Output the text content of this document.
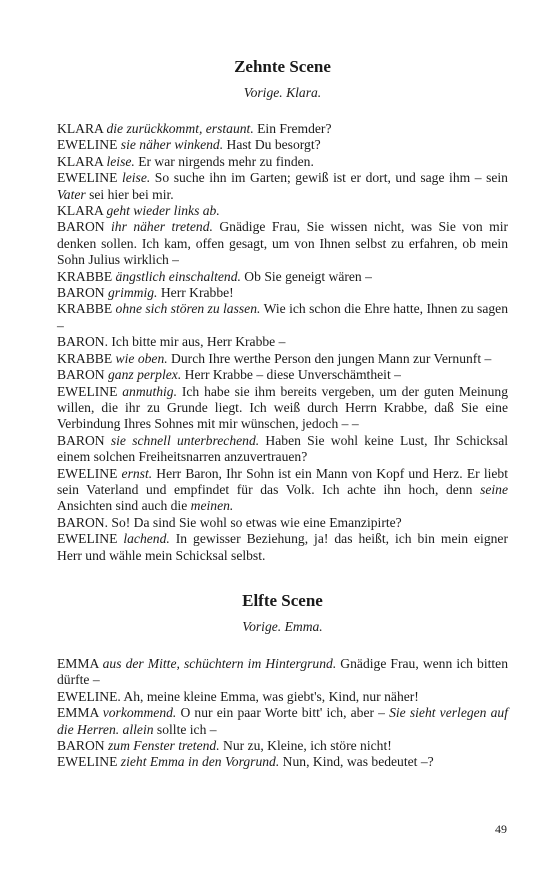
Zehnte Scene
Vorige. Klara.

KLARA die zurückkommt, erstaunt. Ein Fremder?

EWELINE sie näher winkend. Hast Du besorgt?

KLARA leise. Er war nirgends mehr zu finden.

EWELINE leise. So suche ihn im Garten; gewiß ist er dort, und sage ihm – sein Vater sei hier bei mir.

KLARA geht wieder links ab.

BARON ihr näher tretend. Gnädige Frau, Sie wissen nicht, was Sie von mir denken sollen. Ich kam, offen gesagt, um von Ihnen selbst zu erfahren, ob mein Sohn Julius wirklich –

KRABBE ängstlich einschaltend. Ob Sie geneigt wären –

BARON grimmig. Herr Krabbe!

KRABBE ohne sich stören zu lassen. Wie ich schon die Ehre hatte, Ihnen zu sagen –

BARON. Ich bitte mir aus, Herr Krabbe –

KRABBE wie oben. Durch Ihre werthe Person den jungen Mann zur Vernunft –

BARON ganz perplex. Herr Krabbe – diese Unverschämtheit –

EWELINE anmuthig. Ich habe sie ihm bereits vergeben, um der guten Meinung willen, die ihr zu Grunde liegt. Ich weiß durch Herrn Krabbe, daß Sie eine Verbindung Ihres Sohnes mit mir wünschen, jedoch – –

BARON sie schnell unterbrechend. Haben Sie wohl keine Lust, Ihr Schicksal einem solchen Freiheitsnarren anzuvertrauen?

EWELINE ernst. Herr Baron, Ihr Sohn ist ein Mann von Kopf und Herz. Er liebt sein Vaterland und empfindet für das Volk. Ich achte ihn hoch, denn seine Ansichten sind auch die meinen.

BARON. So! Da sind Sie wohl so etwas wie eine Emanzipirte?

EWELINE lachend. In gewisser Beziehung, ja! das heißt, ich bin mein eigner Herr und wähle mein Schicksal selbst.

Elfte Scene
Vorige. Emma.

EMMA aus der Mitte, schüchtern im Hintergrund. Gnädige Frau, wenn ich bitten dürfte –

EWELINE. Ah, meine kleine Emma, was giebt's, Kind, nur näher!

EMMA vorkommend. O nur ein paar Worte bitt' ich, aber – Sie sieht verlegen auf die Herren. allein sollte ich –

BARON zum Fenster tretend. Nur zu, Kleine, ich störe nicht!

EWELINE zieht Emma in den Vorgrund. Nun, Kind, was bedeutet –?

49
